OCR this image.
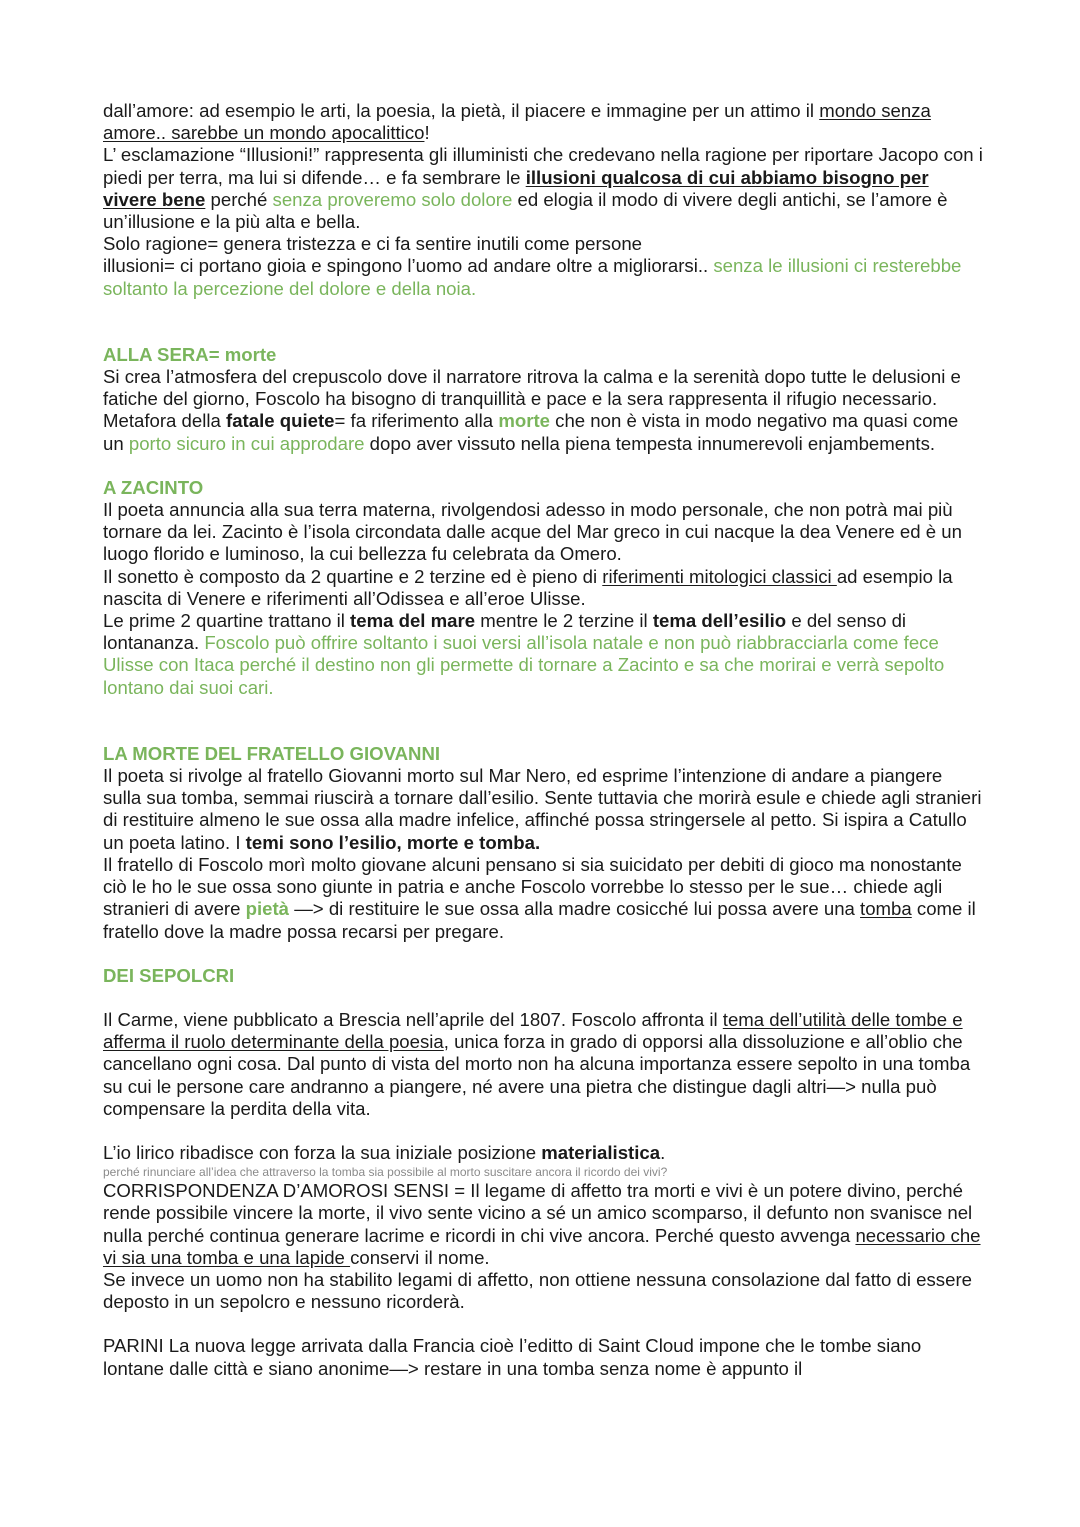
dall’amore: ad esempio le arti, la poesia, la pietà, il piacere e immagine per un attimo il mondo senza amore.. sarebbe un mondo apocalittico!

L’ esclamazione “Illusioni!” rappresenta gli illuministi che credevano nella ragione per riportare Jacopo con i piedi per terra, ma lui si difende… e fa sembrare le illusioni qualcosa di cui abbiamo bisogno per vivere bene perché senza proveremo solo dolore ed elogia il modo di vivere degli antichi, se l’amore è un’illusione e la più alta e bella.

Solo ragione= genera tristezza e ci fa sentire inutili come persone

illusioni= ci portano gioia e spingono l’uomo ad andare oltre a migliorarsi.. senza le illusioni ci resterebbe soltanto la percezione del dolore e della noia.

ALLA SERA= morte

Si crea l’atmosfera del crepuscolo dove il narratore ritrova la calma e la serenità dopo tutte le delusioni e fatiche del giorno, Foscolo ha bisogno di tranquillità e pace e la sera rappresenta il rifugio necessario. Metafora della fatale quiete= fa riferimento alla morte che non è vista in modo negativo ma quasi come un porto sicuro in cui approdare dopo aver vissuto nella piena tempesta innumerevoli enjambements.

A ZACINTO

Il poeta annuncia alla sua terra materna, rivolgendosi adesso in modo personale, che non potrà mai più tornare da lei. Zacinto è l’isola circondata dalle acque del Mar greco in cui nacque la dea Venere ed è un luogo florido e luminoso, la cui bellezza fu celebrata da Omero.

Il sonetto è composto da 2 quartine e 2 terzine ed è pieno di riferimenti mitologici classici ad esempio la nascita di Venere e riferimenti all’Odissea e all’eroe Ulisse.

Le prime 2 quartine trattano il tema del mare mentre le 2 terzine il tema dell’esilio e del senso di lontananza. Foscolo può offrire soltanto i suoi versi all’isola natale e non può riabbracciarla come fece Ulisse con Itaca perché il destino non gli permette di tornare a Zacinto e sa che morirai e verrà sepolto lontano dai suoi cari.

LA MORTE DEL FRATELLO GIOVANNI

Il poeta si rivolge al fratello Giovanni morto sul Mar Nero, ed esprime l’intenzione di andare a piangere sulla sua tomba, semmai riuscirà a tornare dall’esilio. Sente tuttavia che morirà esule e chiede agli stranieri di restituire almeno le sue ossa alla madre infelice, affinché possa stringersele al petto. Si ispira a Catullo un poeta latino. I temi sono l’esilio, morte e tomba.

Il fratello di Foscolo morì molto giovane alcuni pensano si sia suicidato per debiti di gioco ma nonostante ciò le ho le sue ossa sono giunte in patria e anche Foscolo vorrebbe lo stesso per le sue… chiede agli stranieri di avere pietà —> di restituire le sue ossa alla madre cosicché lui possa avere una tomba come il fratello dove la madre possa recarsi per pregare.

DEI SEPOLCRI

Il Carme, viene pubblicato a Brescia nell’aprile del 1807. Foscolo affronta il tema dell’utilità delle tombe e afferma il ruolo determinante della poesia, unica forza in grado di opporsi alla dissoluzione e all’oblio che cancellano ogni cosa. Dal punto di vista del morto non ha alcuna importanza essere sepolto in una tomba su cui le persone care andranno a piangere, né avere una pietra che distingue dagli altri—> nulla può compensare la perdita della vita.

L’io lirico ribadisce con forza la sua iniziale posizione materialistica.

perché rinunciare all’idea che attraverso la tomba sia possibile al morto suscitare ancora il ricordo dei vivi?

CORRISPONDENZA D’AMOROSI SENSI = Il legame di affetto tra morti e vivi è un potere divino, perché rende possibile vincere la morte, il vivo sente vicino a sé un amico scomparso, il defunto non svanisce nel nulla perché continua generare lacrime e ricordi in chi vive ancora. Perché questo avvenga necessario che vi sia una tomba e una lapide conservi il nome.

Se invece un uomo non ha stabilito legami di affetto, non ottiene nessuna consolazione dal fatto di essere deposto in un sepolcro e nessuno ricorderà.

PARINI La nuova legge arrivata dalla Francia cioè l’editto di Saint Cloud impone che le tombe siano lontane dalle città e siano anonime—> restare in una tomba senza nome è appunto il
